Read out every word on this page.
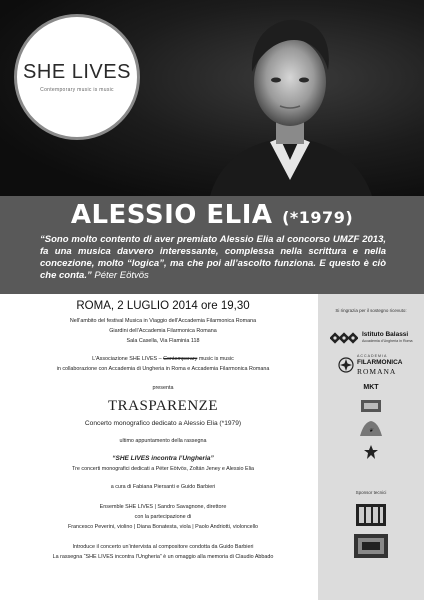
SHE LIVES
Contemporary music is music
ALESSIO ELIA (*1979)
“Sono molto contento di aver premiato Alessio Elia al concorso UMZF 2013, fa una musica davvero interessante, complessa nella scrittura e nella concezione, molto “logica”, ma che poi all’ascolto funziona. E questo è ciò che conta.” Péter Eötvös
ROMA, 2 LUGLIO 2014 ore 19,30
Nell’ambito del festival Musica in Viaggio dell’Accademia Filarmonica Romana
Giardini dell’Accademia Filarmonica Romana
Sala Casella, Via Flaminia 118
L’Associazione SHE LIVES – Contemporary music is music
in collaborazione con Accademia di Ungheria in Roma e Accademia Filarmonica Romana
presenta
TRASPARENZE
Concerto monografico dedicato a Alessio Elia (*1979)
ultimo appuntamento della rassegna
“SHE LIVES incontra l’Ungheria”
Tre concerti monografici dedicati a Péter Eötvös, Zoltán Jeney e Alessio Elia
a cura di Fabiana Piersanti e Guido Barbieri
Ensemble SHE LIVES | Sandro Savagnone, direttore
con la partecipazione di
Francesco Peverini, violino | Diana Bonatesta, viola | Paolo Andriotti, violoncello
Introduce il concerto un’intervista al compositore condotta da Guido Barbieri
La rassegna “SHE LIVES incontra l’Ungheria” è un omaggio alla memoria di Claudio Abbado
Si ringrazia per il sostegno ricevuto:
Istituto Balassi
Accademia d’Ungheria in Roma
ACCADEMIA
FILARMONICA
ROMANA
MKT
❦
Sponsor tecnici
